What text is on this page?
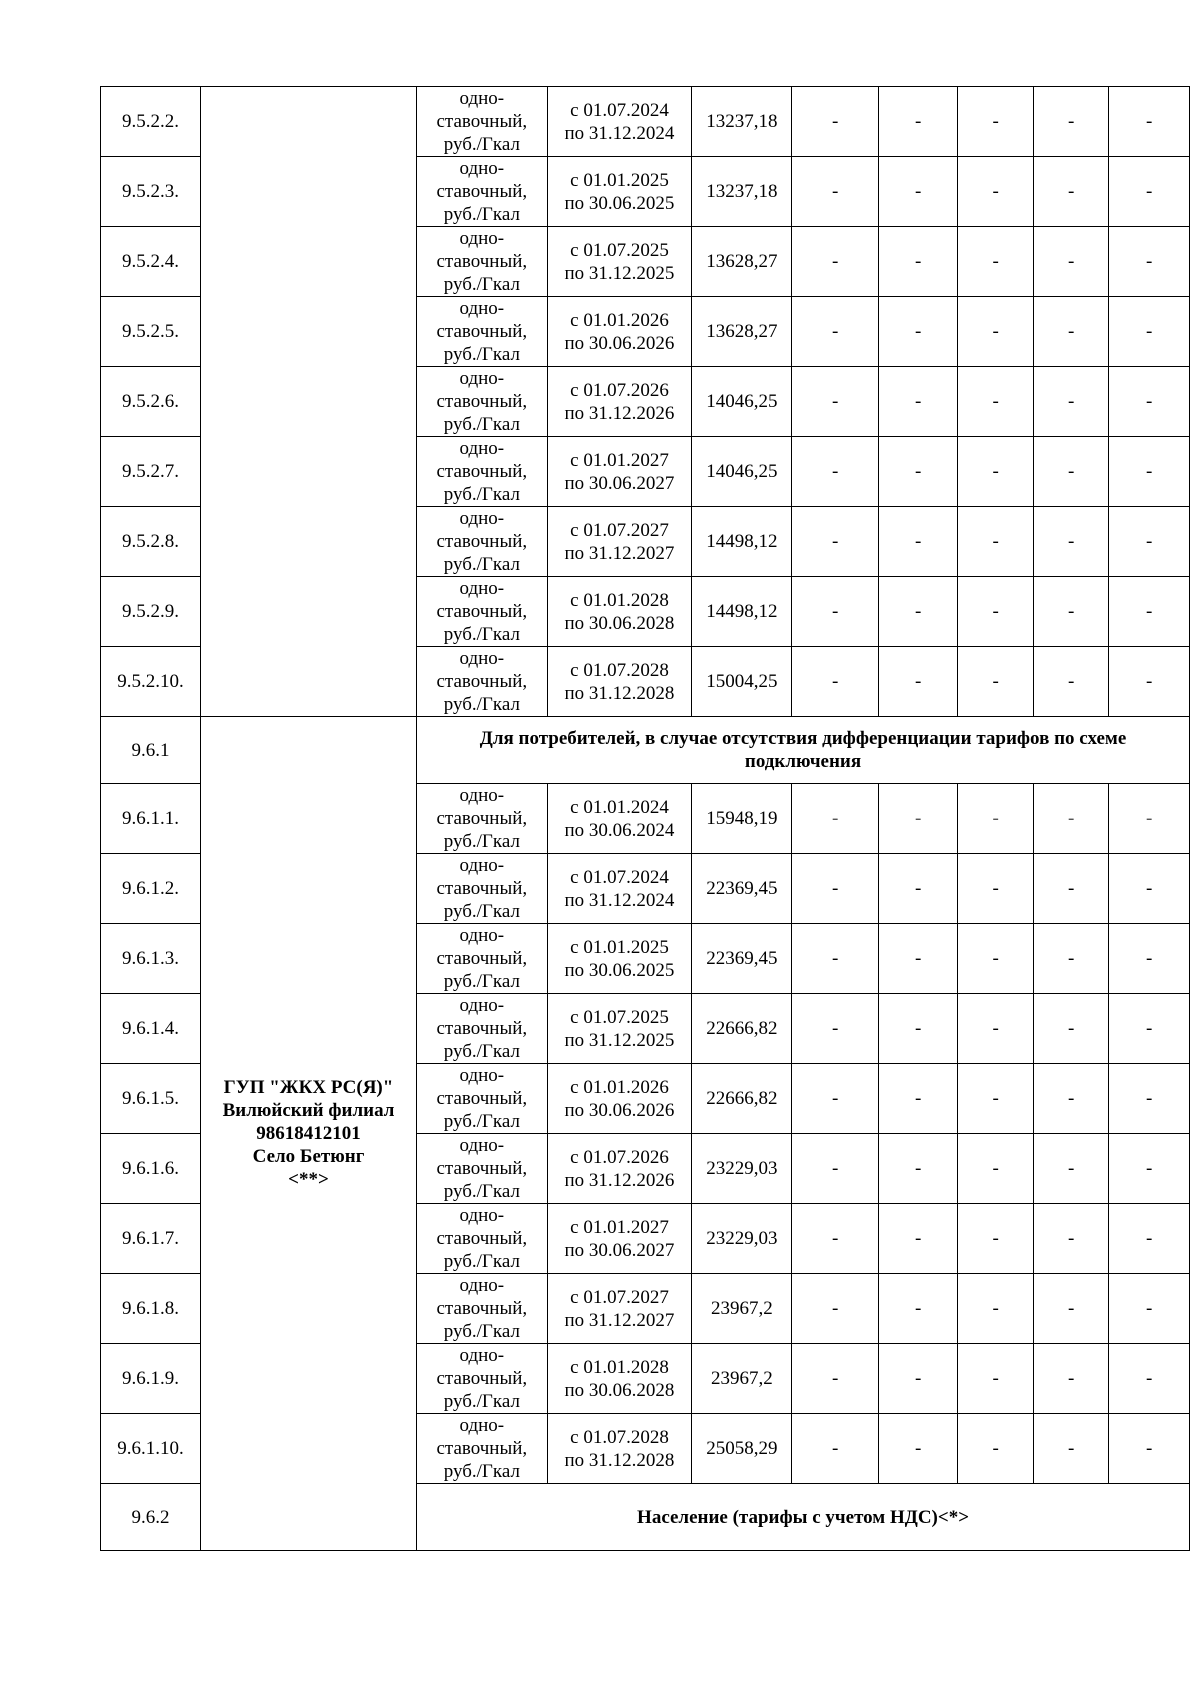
9.5.2.2.		одно-
ставочный,
руб./Гкал	с 01.07.2024
по 31.12.2024	13237,18	-	-	-	-	-
9.5.2.3.		одно-
ставочный,
руб./Гкал	с 01.01.2025
по 30.06.2025	13237,18	-	-	-	-	-
9.5.2.4.		одно-
ставочный,
руб./Гкал	с 01.07.2025
по 31.12.2025	13628,27	-	-	-	-	-
9.5.2.5.		одно-
ставочный,
руб./Гкал	с 01.01.2026
по 30.06.2026	13628,27	-	-	-	-	-
9.5.2.6.		одно-
ставочный,
руб./Гкал	с 01.07.2026
по 31.12.2026	14046,25	-	-	-	-	-
9.5.2.7.		одно-
ставочный,
руб./Гкал	с 01.01.2027
по 30.06.2027	14046,25	-	-	-	-	-
9.5.2.8.		одно-
ставочный,
руб./Гкал	с 01.07.2027
по 31.12.2027	14498,12	-	-	-	-	-
9.5.2.9.		одно-
ставочный,
руб./Гкал	с 01.01.2028
по 30.06.2028	14498,12	-	-	-	-	-
9.5.2.10.		одно-
ставочный,
руб./Гкал	с 01.07.2028
по 31.12.2028	15004,25	-	-	-	-	-
9.6.1	ГУП "ЖКХ РС(Я)"
Вилюйский филиал
98618412101
Село Бетюнг
<**>	Для потребителей, в случае отсутствия дифференциации тарифов по схеме подключения							
9.6.1.1.		одно-
ставочный,
руб./Гкал	с 01.01.2024
по 30.06.2024	15948,19	-	-	-	-	-
9.6.1.2.		одно-
ставочный,
руб./Гкал	с 01.07.2024
по 31.12.2024	22369,45	-	-	-	-	-
9.6.1.3.		одно-
ставочный,
руб./Гкал	с 01.01.2025
по 30.06.2025	22369,45	-	-	-	-	-
9.6.1.4.		одно-
ставочный,
руб./Гкал	с 01.07.2025
по 31.12.2025	22666,82	-	-	-	-	-
9.6.1.5.		одно-
ставочный,
руб./Гкал	с 01.01.2026
по 30.06.2026	22666,82	-	-	-	-	-
9.6.1.6.		одно-
ставочный,
руб./Гкал	с 01.07.2026
по 31.12.2026	23229,03	-	-	-	-	-
9.6.1.7.		одно-
ставочный,
руб./Гкал	с 01.01.2027
по 30.06.2027	23229,03	-	-	-	-	-
9.6.1.8.		одно-
ставочный,
руб./Гкал	с 01.07.2027
по 31.12.2027	23967,2	-	-	-	-	-
9.6.1.9.		одно-
ставочный,
руб./Гкал	с 01.01.2028
по 30.06.2028	23967,2	-	-	-	-	-
9.6.1.10.		одно-
ставочный,
руб./Гкал	с 01.07.2028
по 31.12.2028	25058,29	-	-	-	-	-
9.6.2		Население (тарифы с учетом НДС)<*>							
